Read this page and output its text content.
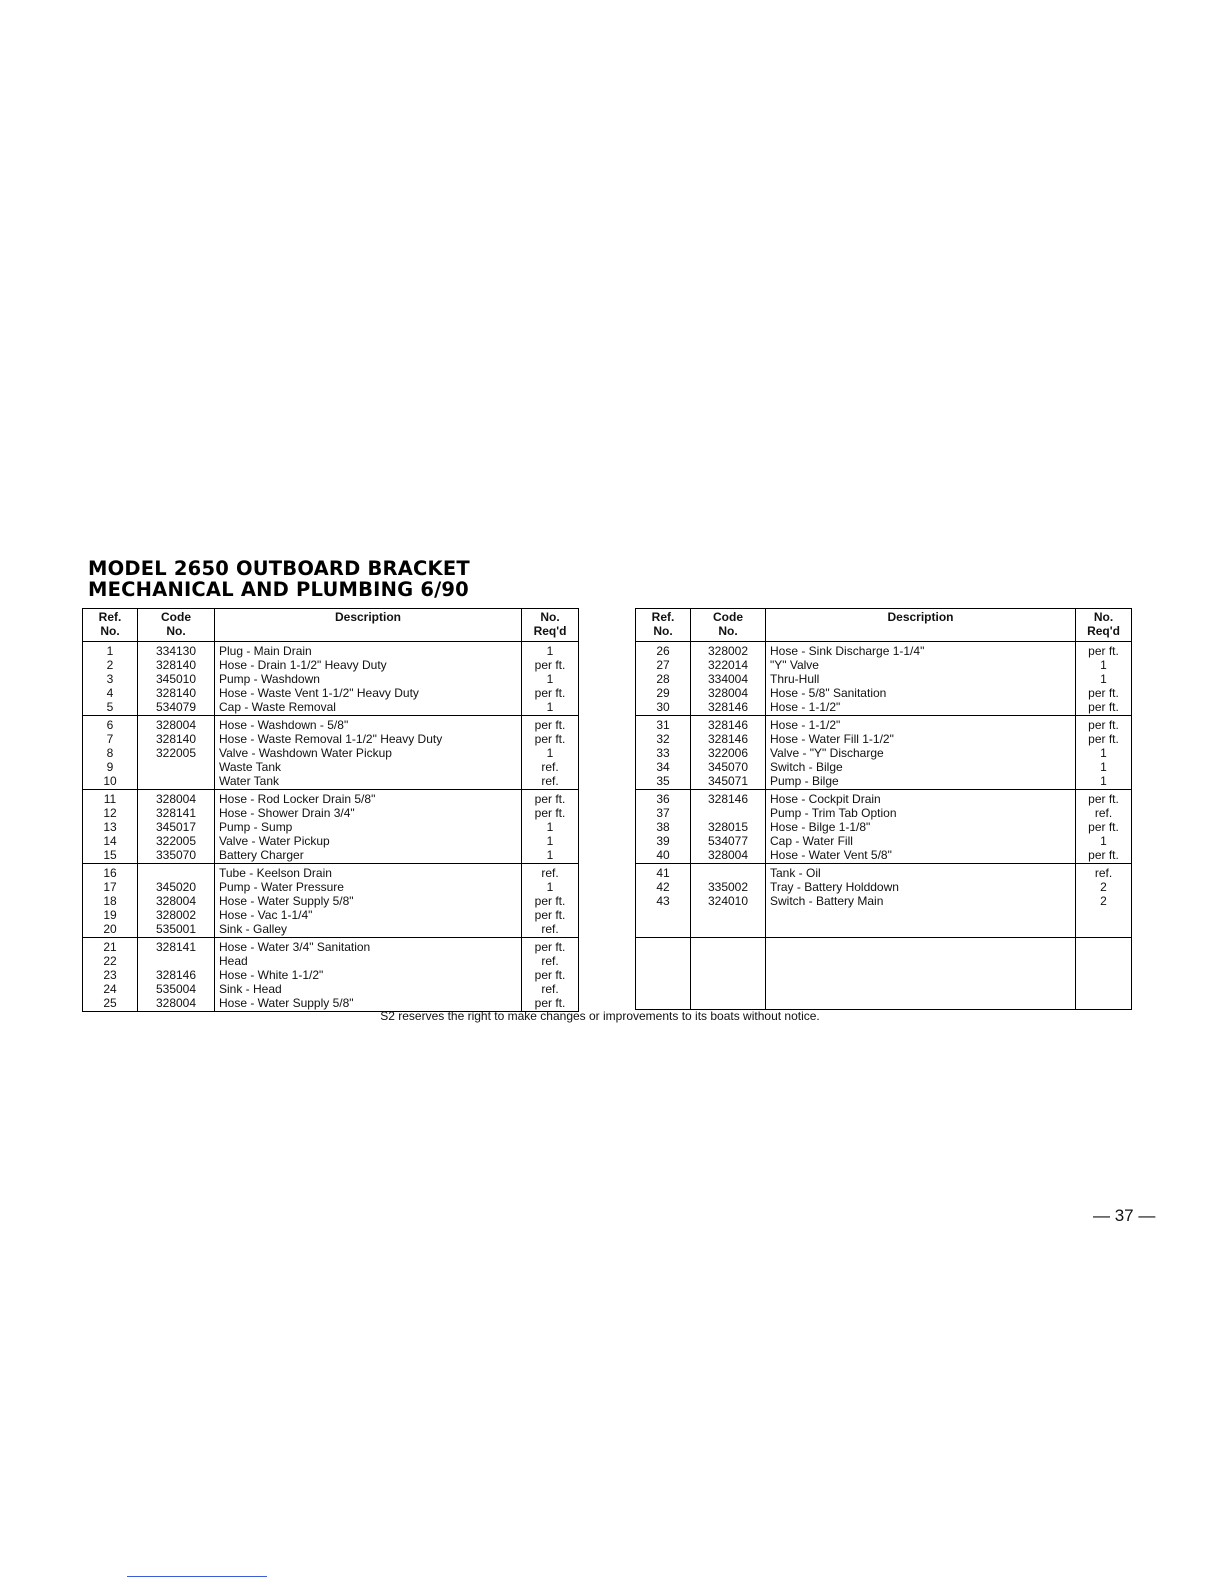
MODEL 2650 OUTBOARD BRACKET
MECHANICAL AND PLUMBING 6/90
Ref.
No.	Code
No.	Description	No.
Req'd
1	334130	Plug - Main Drain	1
2	328140	Hose - Drain 1-1/2" Heavy Duty	per ft.
3	345010	Pump - Washdown	1
4	328140	Hose - Waste Vent 1-1/2" Heavy Duty	per ft.
5	534079	Cap - Waste Removal	1
6	328004	Hose - Washdown - 5/8"	per ft.
7	328140	Hose - Waste Removal 1-1/2" Heavy Duty	per ft.
8	322005	Valve - Washdown Water Pickup	1
9		Waste Tank	ref.
10		Water Tank	ref.
11	328004	Hose - Rod Locker Drain 5/8"	per ft.
12	328141	Hose - Shower Drain 3/4"	per ft.
13	345017	Pump - Sump	1
14	322005	Valve - Water Pickup	1
15	335070	Battery Charger	1
16		Tube - Keelson Drain	ref.
17	345020	Pump - Water Pressure	1
18	328004	Hose - Water Supply 5/8"	per ft.
19	328002	Hose - Vac 1-1/4"	per ft.
20	535001	Sink - Galley	ref.
21	328141	Hose - Water 3/4" Sanitation	per ft.
22		Head	ref.
23	328146	Hose - White 1-1/2"	per ft.
24	535004	Sink - Head	ref.
25	328004	Hose - Water Supply 5/8"	per ft.
Ref.
No.	Code
No.	Description	No.
Req'd
26	328002	Hose - Sink Discharge 1-1/4"	per ft.
27	322014	"Y" Valve	1
28	334004	Thru-Hull	1
29	328004	Hose - 5/8" Sanitation	per ft.
30	328146	Hose - 1-1/2"	per ft.
31	328146	Hose - 1-1/2"	per ft.
32	328146	Hose - Water Fill 1-1/2"	per ft.
33	322006	Valve - "Y" Discharge	1
34	345070	Switch - Bilge	1
35	345071	Pump - Bilge	1
36	328146	Hose - Cockpit Drain	per ft.
37		Pump - Trim Tab Option	ref.
38	328015	Hose - Bilge 1-1/8"	per ft.
39	534077	Cap - Water Fill	1
40	328004	Hose - Water Vent 5/8"	per ft.
41		Tank - Oil	ref.
42	335002	Tray - Battery Holddown	2
43	324010	Switch - Battery Main	2

S2 reserves the right to make changes or improvements to its boats without notice.
— 37 —
